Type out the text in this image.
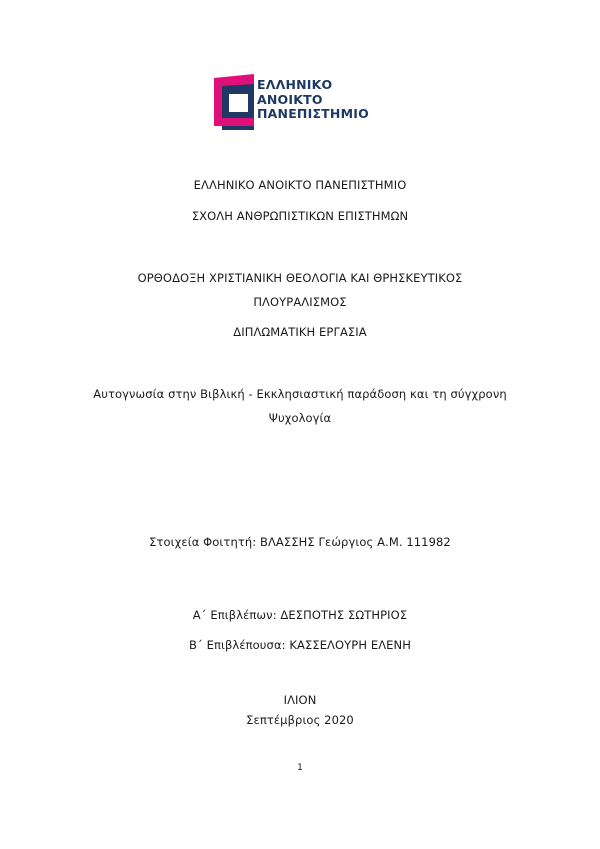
ΕΛΛΗΝΙΚΟ
ΑΝΟΙΚΤΟ
ΠΑΝΕΠΙΣΤΗΜΙΟ
ΕΛΛΗΝΙΚΟ ΑΝΟΙΚΤΟ ΠΑΝΕΠΙΣΤΗΜΙΟ
ΣΧΟΛΗ ΑΝΘΡΩΠΙΣΤΙΚΩΝ ΕΠΙΣΤΗΜΩΝ
ΟΡΘΟΔΟΞΗ ΧΡΙΣΤΙΑΝΙΚΗ ΘΕΟΛΟΓΙΑ ΚΑΙ ΘΡΗΣΚΕΥΤΙΚΟΣ
ΠΛΟΥΡΑΛΙΣΜΟΣ
ΔΙΠΛΩΜΑΤΙΚΗ ΕΡΓΑΣΙΑ
Αυτογνωσία στην Βιβλική - Εκκλησιαστική παράδοση και τη σύγχρονη
Ψυχολογία
Στοιχεία Φοιτητή: ΒΛΑΣΣΗΣ Γεώργιος Α.Μ. 111982
Α΄ Επιβλέπων: ΔΕΣΠΟΤΗΣ ΣΩΤΗΡΙΟΣ
Β΄ Επιβλέπουσα: ΚΑΣΣΕΛΟΥΡΗ ΕΛΕΝΗ
ΙΛΙΟΝ
Σεπτέμβριος 2020
1
